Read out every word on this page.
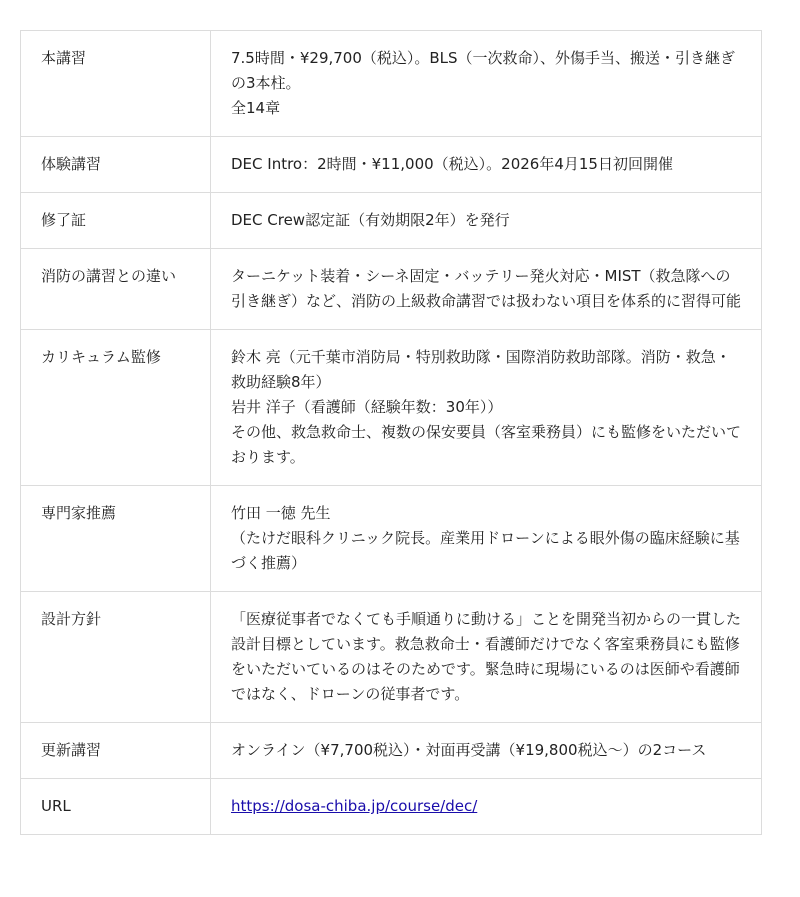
本講習	7.5時間・¥29,700（税込）。BLS（一次救命）、外傷手当、搬送・引き継ぎの3本柱。
全14章

体験講習	DEC Intro：2時間・¥11,000（税込）。2026年4月15日初回開催

修了証	DEC Crew認定証（有効期限2年）を発行

消防の講習との違い	ターニケット装着・シーネ固定・バッテリー発火対応・MIST（救急隊への引き継ぎ）など、消防の上級救命講習では扱わない項目を体系的に習得可能

カリキュラム監修	鈴木 亮（元千葉市消防局・特別救助隊・国際消防救助部隊。消防・救急・救助経験8年）
岩井 洋子（看護師（経験年数：30年））
その他、救急救命士、複数の保安要員（客室乗務員）にも監修をいただいております。

専門家推薦	竹田 一徳 先生
（たけだ眼科クリニック院長。産業用ドローンによる眼外傷の臨床経験に基づく推薦）

設計方針	「医療従事者でなくても手順通りに動ける」ことを開発当初からの一貫した設計目標としています。救急救命士・看護師だけでなく客室乗務員にも監修をいただいているのはそのためです。緊急時に現場にいるのは医師や看護師ではなく、ドローンの従事者です。

更新講習	オンライン（¥7,700税込）・対面再受講（¥19,800税込〜）の2コース

URL	https://dosa-chiba.jp/course/dec/
